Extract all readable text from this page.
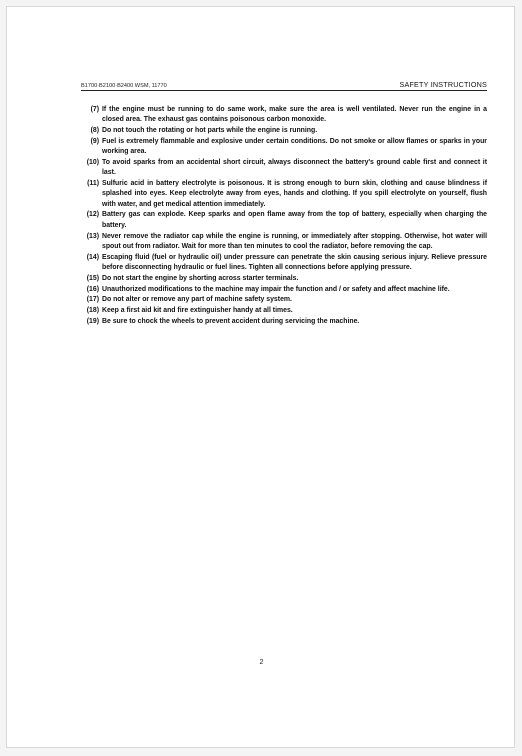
B1700·B2100·B2400 WSM, 11770	SAFETY INSTRUCTIONS
(7) If the engine must be running to do same work, make sure the area is well ventilated. Never run the engine in a closed area. The exhaust gas contains poisonous carbon monoxide.
(8) Do not touch the rotating or hot parts while the engine is running.
(9) Fuel is extremely flammable and explosive under certain conditions. Do not smoke or allow flames or sparks in your working area.
(10) To avoid sparks from an accidental short circuit, always disconnect the battery's ground cable first and connect it last.
(11) Sulfuric acid in battery electrolyte is poisonous. It is strong enough to burn skin, clothing and cause blindness if splashed into eyes. Keep electrolyte away from eyes, hands and clothing. If you spill electrolyte on yourself, flush with water, and get medical attention immediately.
(12) Battery gas can explode. Keep sparks and open flame away from the top of battery, especially when charging the battery.
(13) Never remove the radiator cap while the engine is running, or immediately after stopping. Otherwise, hot water will spout out from radiator. Wait for more than ten minutes to cool the radiator, before removing the cap.
(14) Escaping fluid (fuel or hydraulic oil) under pressure can penetrate the skin causing serious injury. Relieve pressure before disconnecting hydraulic or fuel lines. Tighten all connections before applying pressure.
(15) Do not start the engine by shorting across starter terminals.
(16) Unauthorized modifications to the machine may impair the function and / or safety and affect machine life.
(17) Do not alter or remove any part of machine safety system.
(18) Keep a first aid kit and fire extinguisher handy at all times.
(19) Be sure to chock the wheels to prevent accident during servicing the machine.
2
